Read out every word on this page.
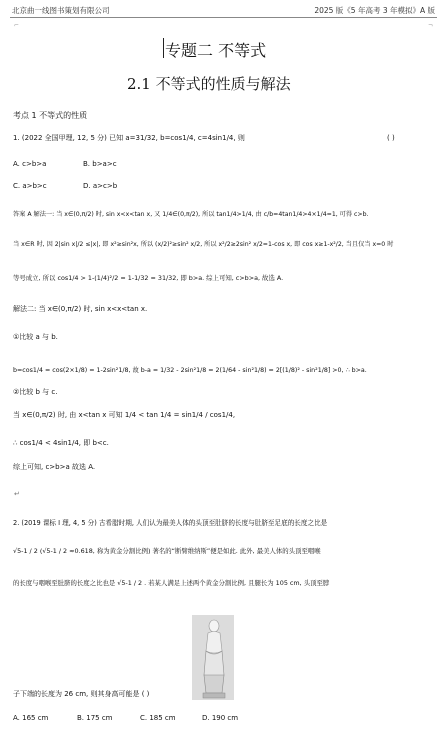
北京曲一线图书策划有限公司	2025 版《5 年高考 3 年模拟》A 版
⌐	¬
专题二 不等式
2.1 不等式的性质与解法
考点 1 不等式的性质
1. (2022 全国甲理, 12, 5 分) 已知 a=31/32, b=cos1/4, c=4sin1/4, 则	( )
A. c>b>a	B. b>a>c
C. a>b>c	D. a>c>b
答案 A 解法一: 当 x∈(0,π/2) 时, sin x<x<tan x, 又 1/4∈(0,π/2), 所以 tan1/4>1/4, 由 c/b=4tan1/4>4×1/4=1, 可得 c>b.
当 x∈R 时, 因 2|sin x|/2 ≤|x|, 即 x²≥sin²x, 所以 (x/2)²≥sin² x/2, 所以 x²/2≥2sin² x/2=1-cos x, 即 cos x≥1-x²/2, 当且仅当 x=0 时
等号成立, 所以 cos1/4 > 1-(1/4)²/2 = 1-1/32 = 31/32, 即 b>a. 综上可知, c>b>a, 故选 A.
解法二: 当 x∈(0,π/2) 时, sin x<x<tan x.
①比较 a 与 b.
b=cos1/4 = cos(2×1/8) = 1-2sin²1/8, 故 b-a = 1/32 - 2sin²1/8 = 2(1/64 - sin²1/8) = 2[(1/8)² - sin²1/8] >0, ∴ b>a.
②比较 b 与 c.
当 x∈(0,π/2) 时, 由 x<tan x 可知 1/4 < tan 1/4 = sin1/4 / cos1/4,
∴ cos1/4 < 4sin1/4, 即 b<c.
综上可知, c>b>a 故选 A.
↵
2. (2019 课标 I 理, 4, 5 分) 古希腊时期, 人们认为最美人体的头顶至肚脐的长度与肚脐至足底的长度之比是
√5-1 / 2 (√5-1 / 2 ≈0.618, 称为黄金分割比例) 著名的“断臂维纳斯”便是如此. 此外, 最美人体的头顶至咽喉
的长度与咽喉至肚脐的长度之比也是 √5-1 / 2 . 若某人满足上述两个黄金分割比例, 且腿长为 105 cm, 头顶至脖
子下端的长度为 26 cm, 则其身高可能是 ( )
A. 165 cm	B. 175 cm	C. 185 cm	D. 190 cm
